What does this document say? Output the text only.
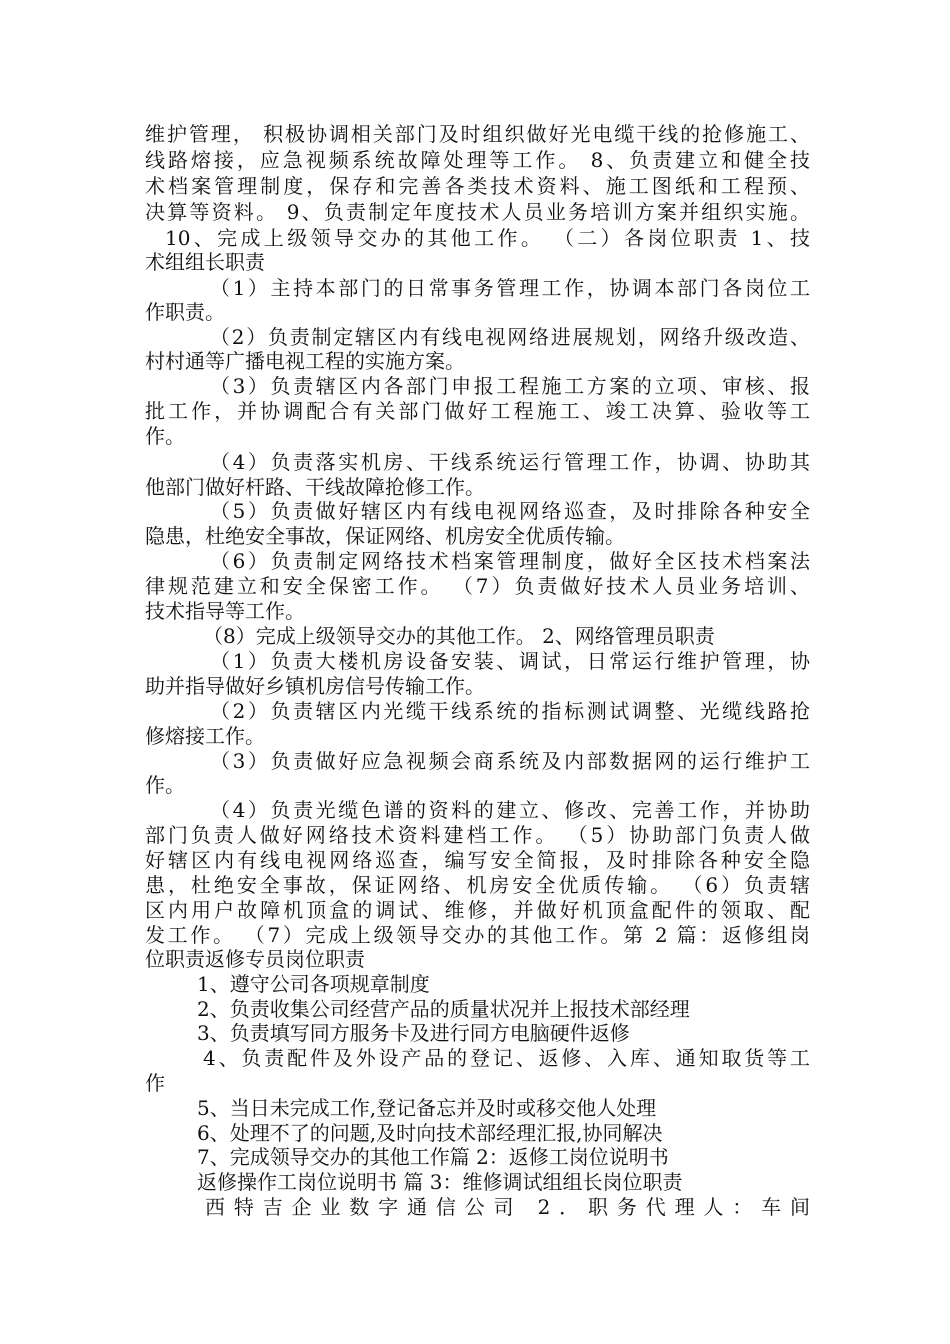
维护管理， 积极协调相关部门及时组织做好光电缆干线的抢修施工、
线路熔接，应急视频系统故障处理等工作。 8、负责建立和健全技
术档案管理制度，保存和完善各类技术资料、施工图纸和工程预、
决算等资料。 9、负责制定年度技术人员业务培训方案并组织实施。
10、完成上级领导交办的其他工作。 （二）各岗位职责 1、技
术组组长职责
（1）主持本部门的日常事务管理工作，协调本部门各岗位工
作职责。
（2）负责制定辖区内有线电视网络进展规划，网络升级改造、
村村通等广播电视工程的实施方案。
（3）负责辖区内各部门申报工程施工方案的立项、审核、报
批工作，并协调配合有关部门做好工程施工、竣工决算、验收等工
作。
（4）负责落实机房、干线系统运行管理工作，协调、协助其
他部门做好杆路、干线故障抢修工作。
（5）负责做好辖区内有线电视网络巡查，及时排除各种安全
隐患，杜绝安全事故，保证网络、机房安全优质传输。
（6）负责制定网络技术档案管理制度，做好全区技术档案法
律规范建立和安全保密工作。 （7）负责做好技术人员业务培训、
技术指导等工作。
（8）完成上级领导交办的其他工作。 2、网络管理员职责
（1）负责大楼机房设备安装、调试，日常运行维护管理，协
助并指导做好乡镇机房信号传输工作。
（2）负责辖区内光缆干线系统的指标测试调整、光缆线路抢
修熔接工作。
（3）负责做好应急视频会商系统及内部数据网的运行维护工
作。
（4）负责光缆色谱的资料的建立、修改、完善工作，并协助
部门负责人做好网络技术资料建档工作。 （5）协助部门负责人做
好辖区内有线电视网络巡查，编写安全简报，及时排除各种安全隐
患，杜绝安全事故，保证网络、机房安全优质传输。 （6）负责辖
区内用户故障机顶盒的调试、维修，并做好机顶盒配件的领取、配
发工作。 （7）完成上级领导交办的其他工作。第 2 篇：返修组岗
位职责返修专员岗位职责
1、遵守公司各项规章制度
2、负责收集公司经营产品的质量状况并上报技术部经理
3、负责填写同方服务卡及进行同方电脑硬件返修
4、负责配件及外设产品的登记、返修、入库、通知取货等工
作
5、当日未完成工作,登记备忘并及时或移交他人处理
6、处理不了的问题,及时向技术部经理汇报,协同解决
7、完成领导交办的其他工作篇 2：返修工岗位说明书
返修操作工岗位说明书 篇 3：维修调试组组长岗位职责
西特吉企业数字通信公司 2．职务代理人：车间
